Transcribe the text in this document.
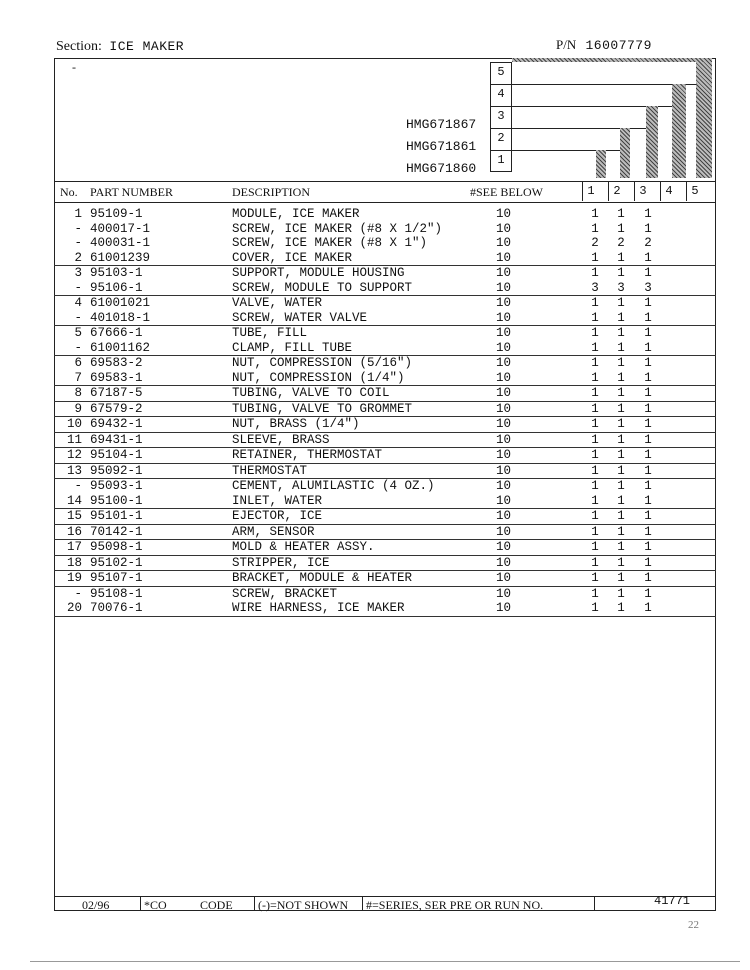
Section: ICE MAKER	P/N 16007779
-
HMG671867
HMG671861
HMG671860
5
4
3
2
1
No. PART NUMBER	DESCRIPTION	#SEE BELOW	1	2	3	4	5
1 95109-1	MODULE, ICE MAKER	10	1 1 1
- 400017-1	SCREW, ICE MAKER (#8 X 1/2")	10	1 1 1
- 400031-1	SCREW, ICE MAKER (#8 X 1")	10	2 2 2
2 61001239	COVER, ICE MAKER	10	1 1 1
3 95103-1	SUPPORT, MODULE HOUSING	10	1 1 1
- 95106-1	SCREW, MODULE TO SUPPORT	10	3 3 3
4 61001021	VALVE, WATER	10	1 1 1
- 401018-1	SCREW, WATER VALVE	10	1 1 1
5 67666-1	TUBE, FILL	10	1 1 1
- 61001162	CLAMP, FILL TUBE	10	1 1 1
6 69583-2	NUT, COMPRESSION (5/16")	10	1 1 1
7 69583-1	NUT, COMPRESSION (1/4")	10	1 1 1
8 67187-5	TUBING, VALVE TO COIL	10	1 1 1
9 67579-2	TUBING, VALVE TO GROMMET	10	1 1 1
10 69432-1	NUT, BRASS (1/4")	10	1 1 1
11 69431-1	SLEEVE, BRASS	10	1 1 1
12 95104-1	RETAINER, THERMOSTAT	10	1 1 1
13 95092-1	THERMOSTAT	10	1 1 1
- 95093-1	CEMENT, ALUMILASTIC (4 OZ.)	10	1 1 1
14 95100-1	INLET, WATER	10	1 1 1
15 95101-1	EJECTOR, ICE	10	1 1 1
16 70142-1	ARM, SENSOR	10	1 1 1
17 95098-1	MOLD & HEATER ASSY.	10	1 1 1
18 95102-1	STRIPPER, ICE	10	1 1 1
19 95107-1	BRACKET, MODULE & HEATER	10	1 1 1
- 95108-1	SCREW, BRACKET	10	1 1 1
20 70076-1	WIRE HARNESS, ICE MAKER	10	1 1 1
02/96	*CO	CODE (-)=NOT SHOWN #=SERIES, SER PRE OR RUN NO.	41771
22
